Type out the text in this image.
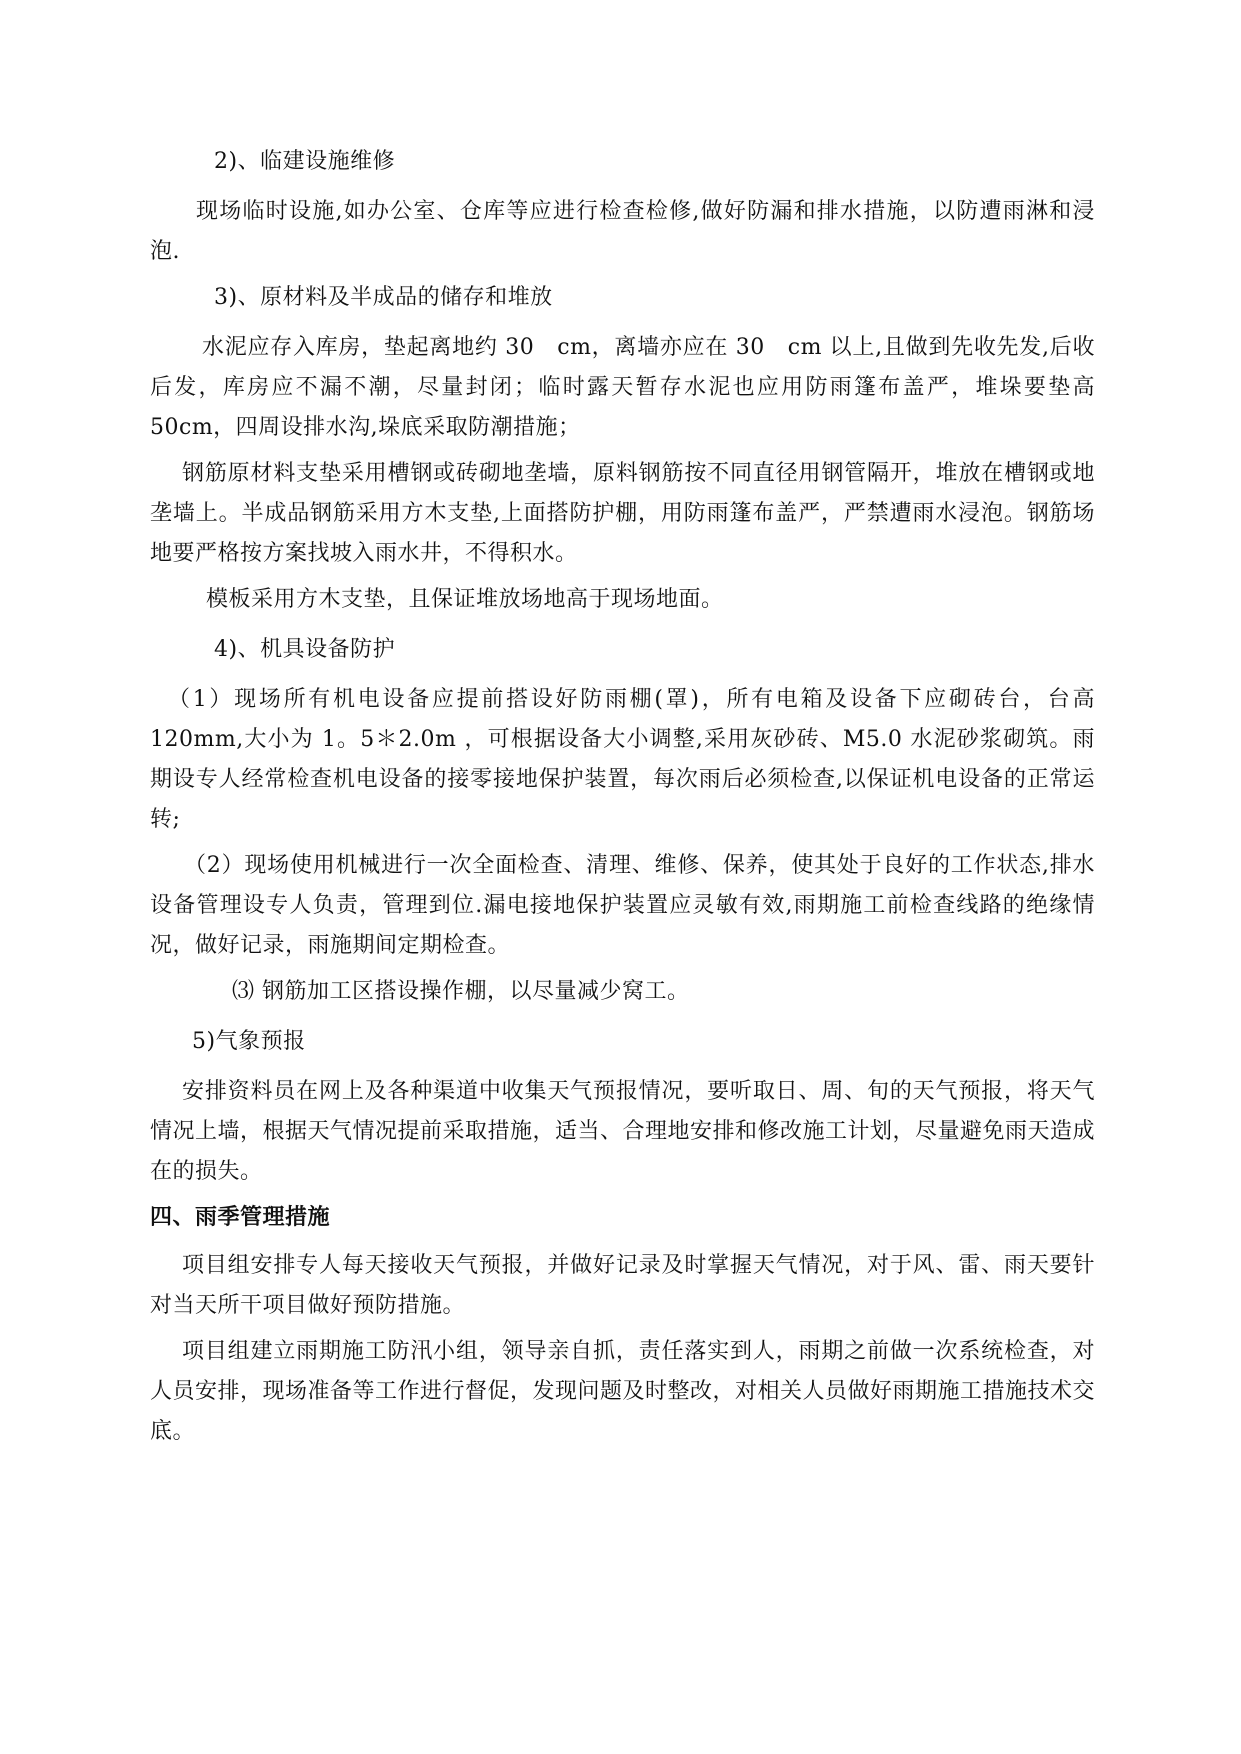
2)、临建设施维修

现场临时设施,如办公室、仓库等应进行检查检修,做好防漏和排水措施，以防遭雨淋和浸泡.

3)、原材料及半成品的储存和堆放

水泥应存入库房，垫起离地约 30　cm，离墙亦应在 30　cm 以上,且做到先收先发,后收后发，库房应不漏不潮，尽量封闭；临时露天暂存水泥也应用防雨篷布盖严，堆垛要垫高 50cm，四周设排水沟,垛底采取防潮措施；

钢筋原材料支垫采用槽钢或砖砌地垄墙，原料钢筋按不同直径用钢管隔开，堆放在槽钢或地垄墙上。半成品钢筋采用方木支垫,上面搭防护棚，用防雨篷布盖严，严禁遭雨水浸泡。钢筋场地要严格按方案找坡入雨水井，不得积水。

模板采用方木支垫，且保证堆放场地高于现场地面。

4)、机具设备防护

（1）现场所有机电设备应提前搭设好防雨棚(罩)，所有电箱及设备下应砌砖台，台高 120mm,大小为 1。5＊2.0m ，可根据设备大小调整,采用灰砂砖、M5.0 水泥砂浆砌筑。雨期设专人经常检查机电设备的接零接地保护装置，每次雨后必须检查,以保证机电设备的正常运转;

（2）现场使用机械进行一次全面检查、清理、维修、保养，使其处于良好的工作状态,排水设备管理设专人负责，管理到位.漏电接地保护装置应灵敏有效,雨期施工前检查线路的绝缘情况，做好记录，雨施期间定期检查。

⑶ 钢筋加工区搭设操作棚，以尽量减少窝工。

5)气象预报

安排资料员在网上及各种渠道中收集天气预报情况，要听取日、周、旬的天气预报，将天气情况上墙，根据天气情况提前采取措施，适当、合理地安排和修改施工计划，尽量避免雨天造成在的损失。

四、雨季管理措施

项目组安排专人每天接收天气预报，并做好记录及时掌握天气情况，对于风、雷、雨天要针对当天所干项目做好预防措施。

项目组建立雨期施工防汛小组，领导亲自抓，责任落实到人，雨期之前做一次系统检查，对人员安排，现场准备等工作进行督促，发现问题及时整改，对相关人员做好雨期施工措施技术交底。
